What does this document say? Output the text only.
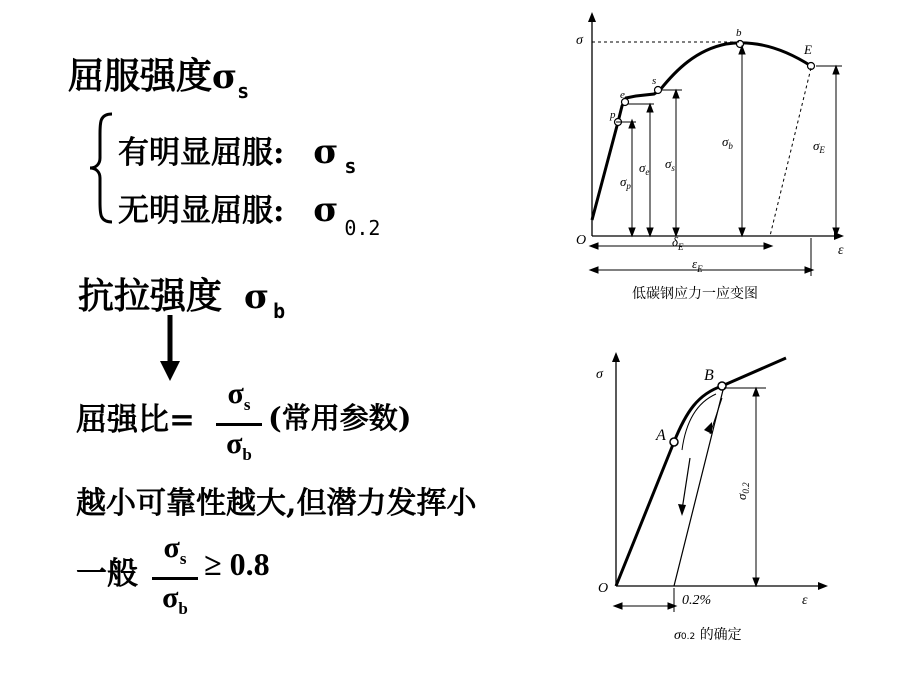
屈服强度$\sigma_s$
有明显屈服: σ $_s$
无明显屈服: σ $_{0.2}$
抗拉强度 σ $_b$
屈强比=
$\sigma_s$
$\sigma_b$
(常用参数)
越小可靠性越大,但潜力发挥小
一般
$\sigma_s$
$\sigma_b$
≥ 0.8
σ
ε
O
p
e
s
b
E
$\sigma_p$
$\sigma_e$
$\sigma_s$
$\sigma_b$	$\sigma_E$
$\delta_E$
$\varepsilon_E$
低碳钢应力一应变图
σ
ε
O
A
B
$\sigma_{0.2}$
0.2%
σ0.2 的确定
